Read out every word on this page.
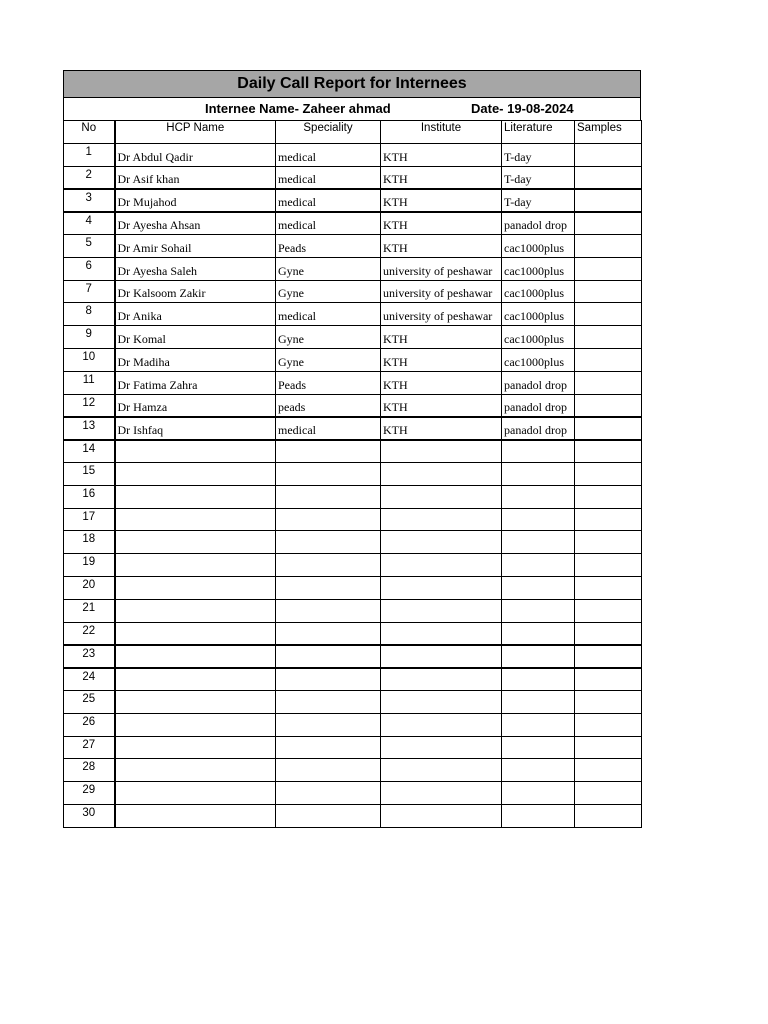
Daily Call Report for Internees
Internee Name- Zaheer ahmad	Date- 19-08-2024
No	HCP Name	Speciality	Institute	Literature	Samples
1	Dr Abdul Qadir	medical	KTH	T-day	
2	Dr Asif khan	medical	KTH	T-day	
3	Dr Mujahod	medical	KTH	T-day	
4	Dr Ayesha Ahsan	medical	KTH	panadol drop	
5	Dr Amir Sohail	Peads	KTH	cac1000plus	
6	Dr Ayesha Saleh	Gyne	university of peshawar	cac1000plus	
7	Dr Kalsoom Zakir	Gyne	university of peshawar	cac1000plus	
8	Dr Anika	medical	university of peshawar	cac1000plus	
9	Dr Komal	Gyne	KTH	cac1000plus	
10	Dr Madiha	Gyne	KTH	cac1000plus	
11	Dr Fatima Zahra	Peads	KTH	panadol drop	
12	Dr Hamza	peads	KTH	panadol drop	
13	Dr Ishfaq	medical	KTH	panadol drop	
14					
15					
16					
17					
18					
19					
20					
21					
22					
23					
24					
25					
26					
27					
28					
29					
30					
